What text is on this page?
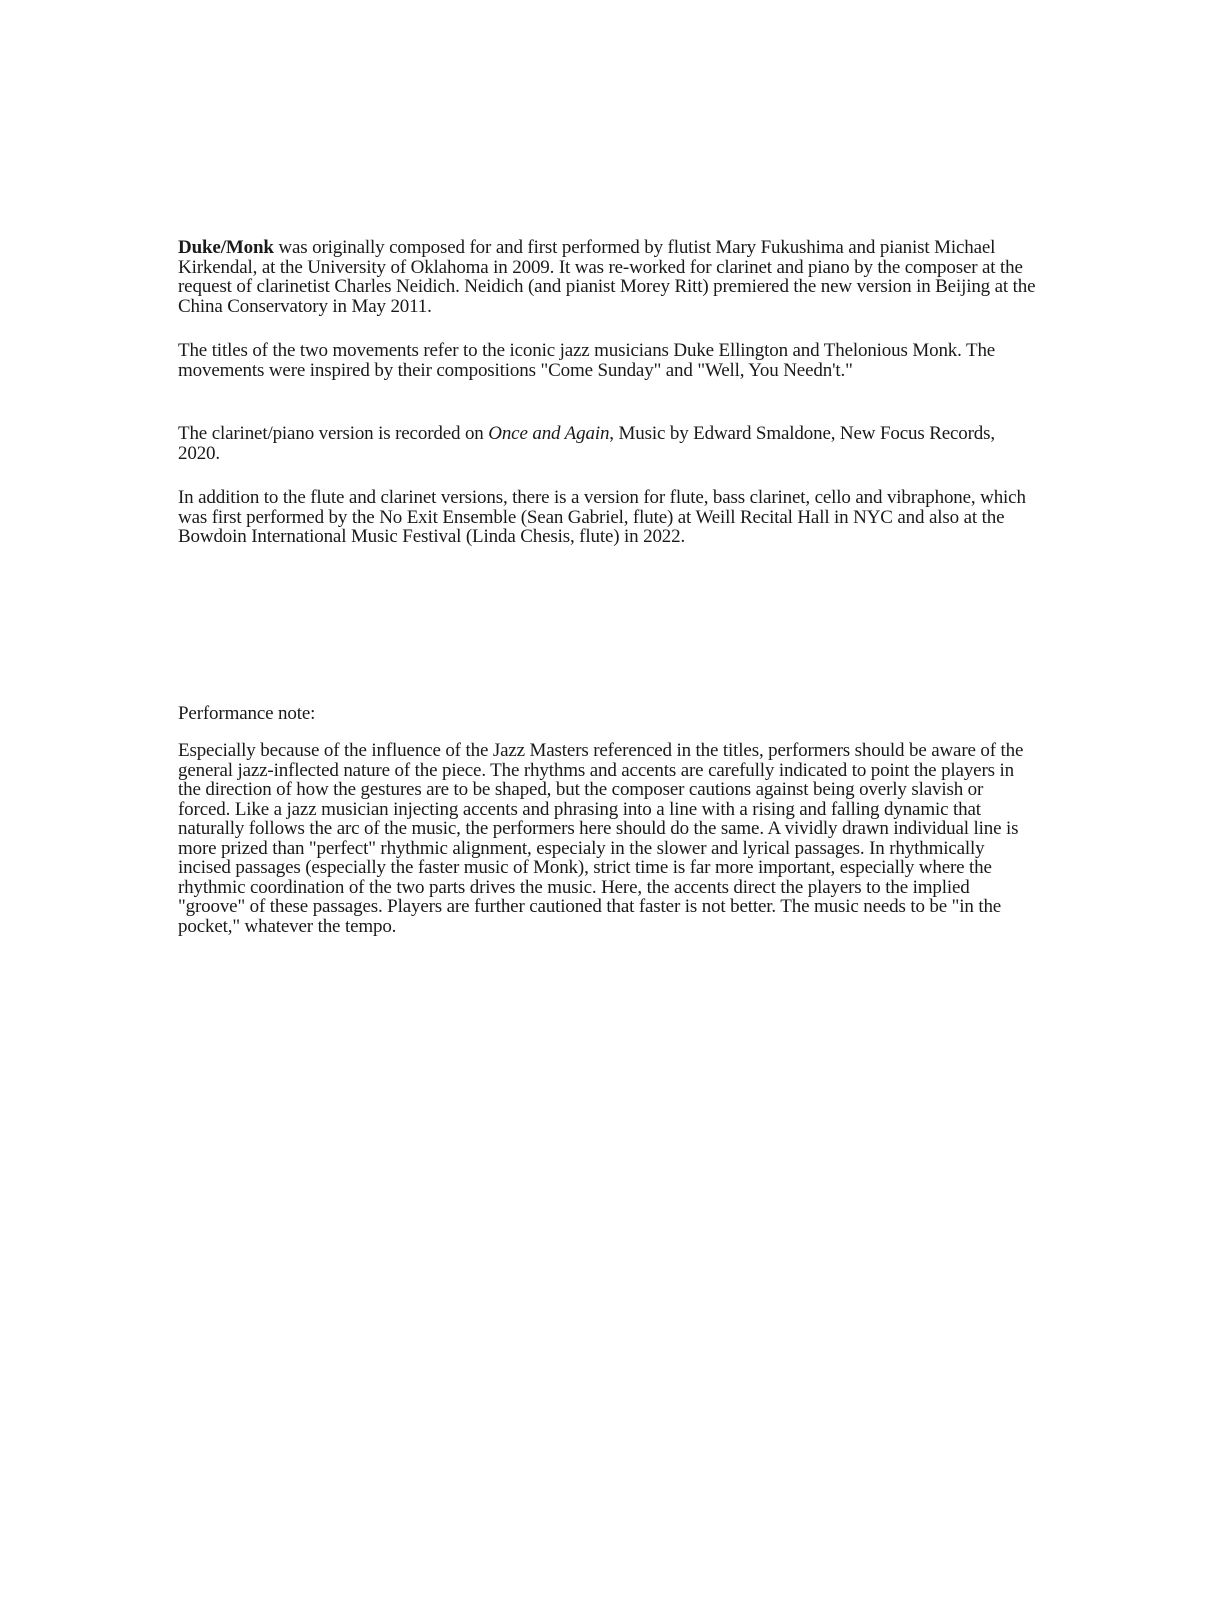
Duke/Monk was originally composed for and first performed by flutist Mary Fukushima and pianist Michael Kirkendal, at the University of Oklahoma in 2009. It was re-worked for clarinet and piano by the composer at the request of clarinetist Charles Neidich. Neidich (and pianist Morey Ritt) premiered the new version in Beijing at the China Conservatory in May 2011.

The titles of the two movements refer to the iconic jazz musicians Duke Ellington and Thelonious Monk. The movements were inspired by their compositions "Come Sunday" and "Well, You Needn't."

The clarinet/piano version is recorded on Once and Again, Music by Edward Smaldone, New Focus Records, 2020.

In addition to the flute and clarinet versions, there is a version for flute, bass clarinet, cello and vibraphone, which was first performed by the No Exit Ensemble (Sean Gabriel, flute) at Weill Recital Hall in NYC and also at the Bowdoin International Music Festival (Linda Chesis, flute) in 2022.

Performance note:

Especially because of the influence of the Jazz Masters referenced in the titles, performers should be aware of the general jazz-inflected nature of the piece. The rhythms and accents are carefully indicated to point the players in the direction of how the gestures are to be shaped, but the composer cautions against being overly slavish or forced. Like a jazz musician injecting accents and phrasing into a line with a rising and falling dynamic that naturally follows the arc of the music, the performers here should do the same. A vividly drawn individual line is more prized than "perfect" rhythmic alignment, especialy in the slower and lyrical passages. In rhythmically incised passages (especially the faster music of Monk), strict time is far more important, especially where the rhythmic coordination of the two parts drives the music. Here, the accents direct the players to the implied "groove" of these passages. Players are further cautioned that faster is not better. The music needs to be "in the pocket," whatever the tempo.
